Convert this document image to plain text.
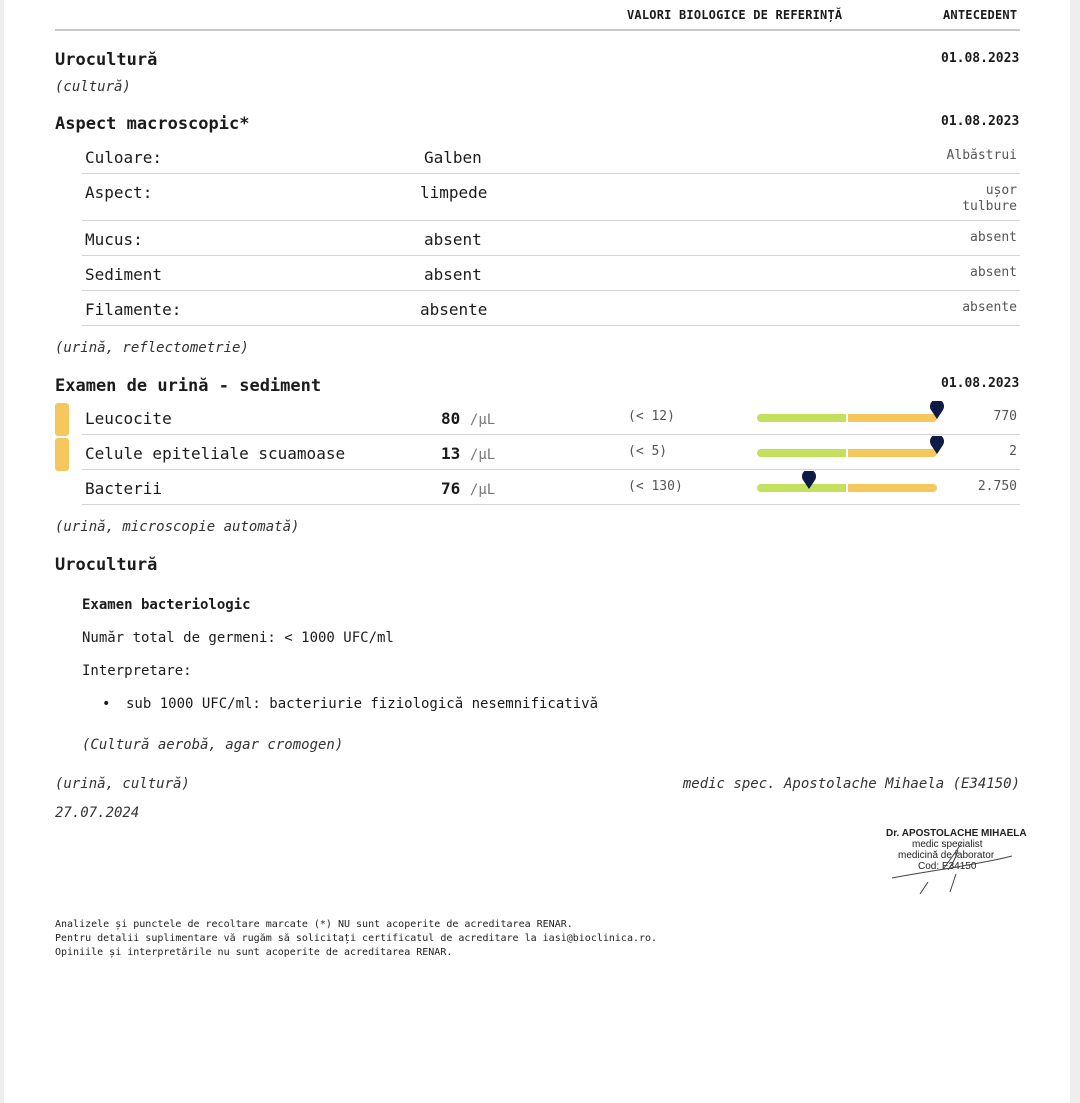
VALORI BIOLOGICE DE REFERINȚĂ	ANTECEDENT
Urocultură	01.08.2023
(cultură)
Aspect macroscopic*	01.08.2023
Culoare:	Galben	Albăstrui
Aspect:	limpede	ușor
tulbure
Mucus:	absent	absent
Sediment	absent	absent
Filamente:	absente	absente
(urină, reflectometrie)
Examen de urină - sediment	01.08.2023
Leucocite	80 /µL	(< 12)	770
Celule epiteliale scuamoase	13 /µL	(< 5)	2
Bacterii	76 /µL	(< 130)	2.750
(urină, microscopie automată)
Urocultură
Examen bacteriologic
Număr total de germeni: < 1000 UFC/ml
Interpretare:
• sub 1000 UFC/ml: bacteriurie fiziologică nesemnificativă
(Cultură aerobă, agar cromogen)
(urină, cultură)	medic spec. Apostolache Mihaela (E34150)
27.07.2024
Dr. APOSTOLACHE MIHAELA
medic specialist
medicină de laborator
Cod: E34150
Analizele și punctele de recoltare marcate (*) NU sunt acoperite de acreditarea RENAR.
Pentru detalii suplimentare vă rugăm să solicitați certificatul de acreditare la iasi@bioclinica.ro.
Opiniile și interpretările nu sunt acoperite de acreditarea RENAR.
